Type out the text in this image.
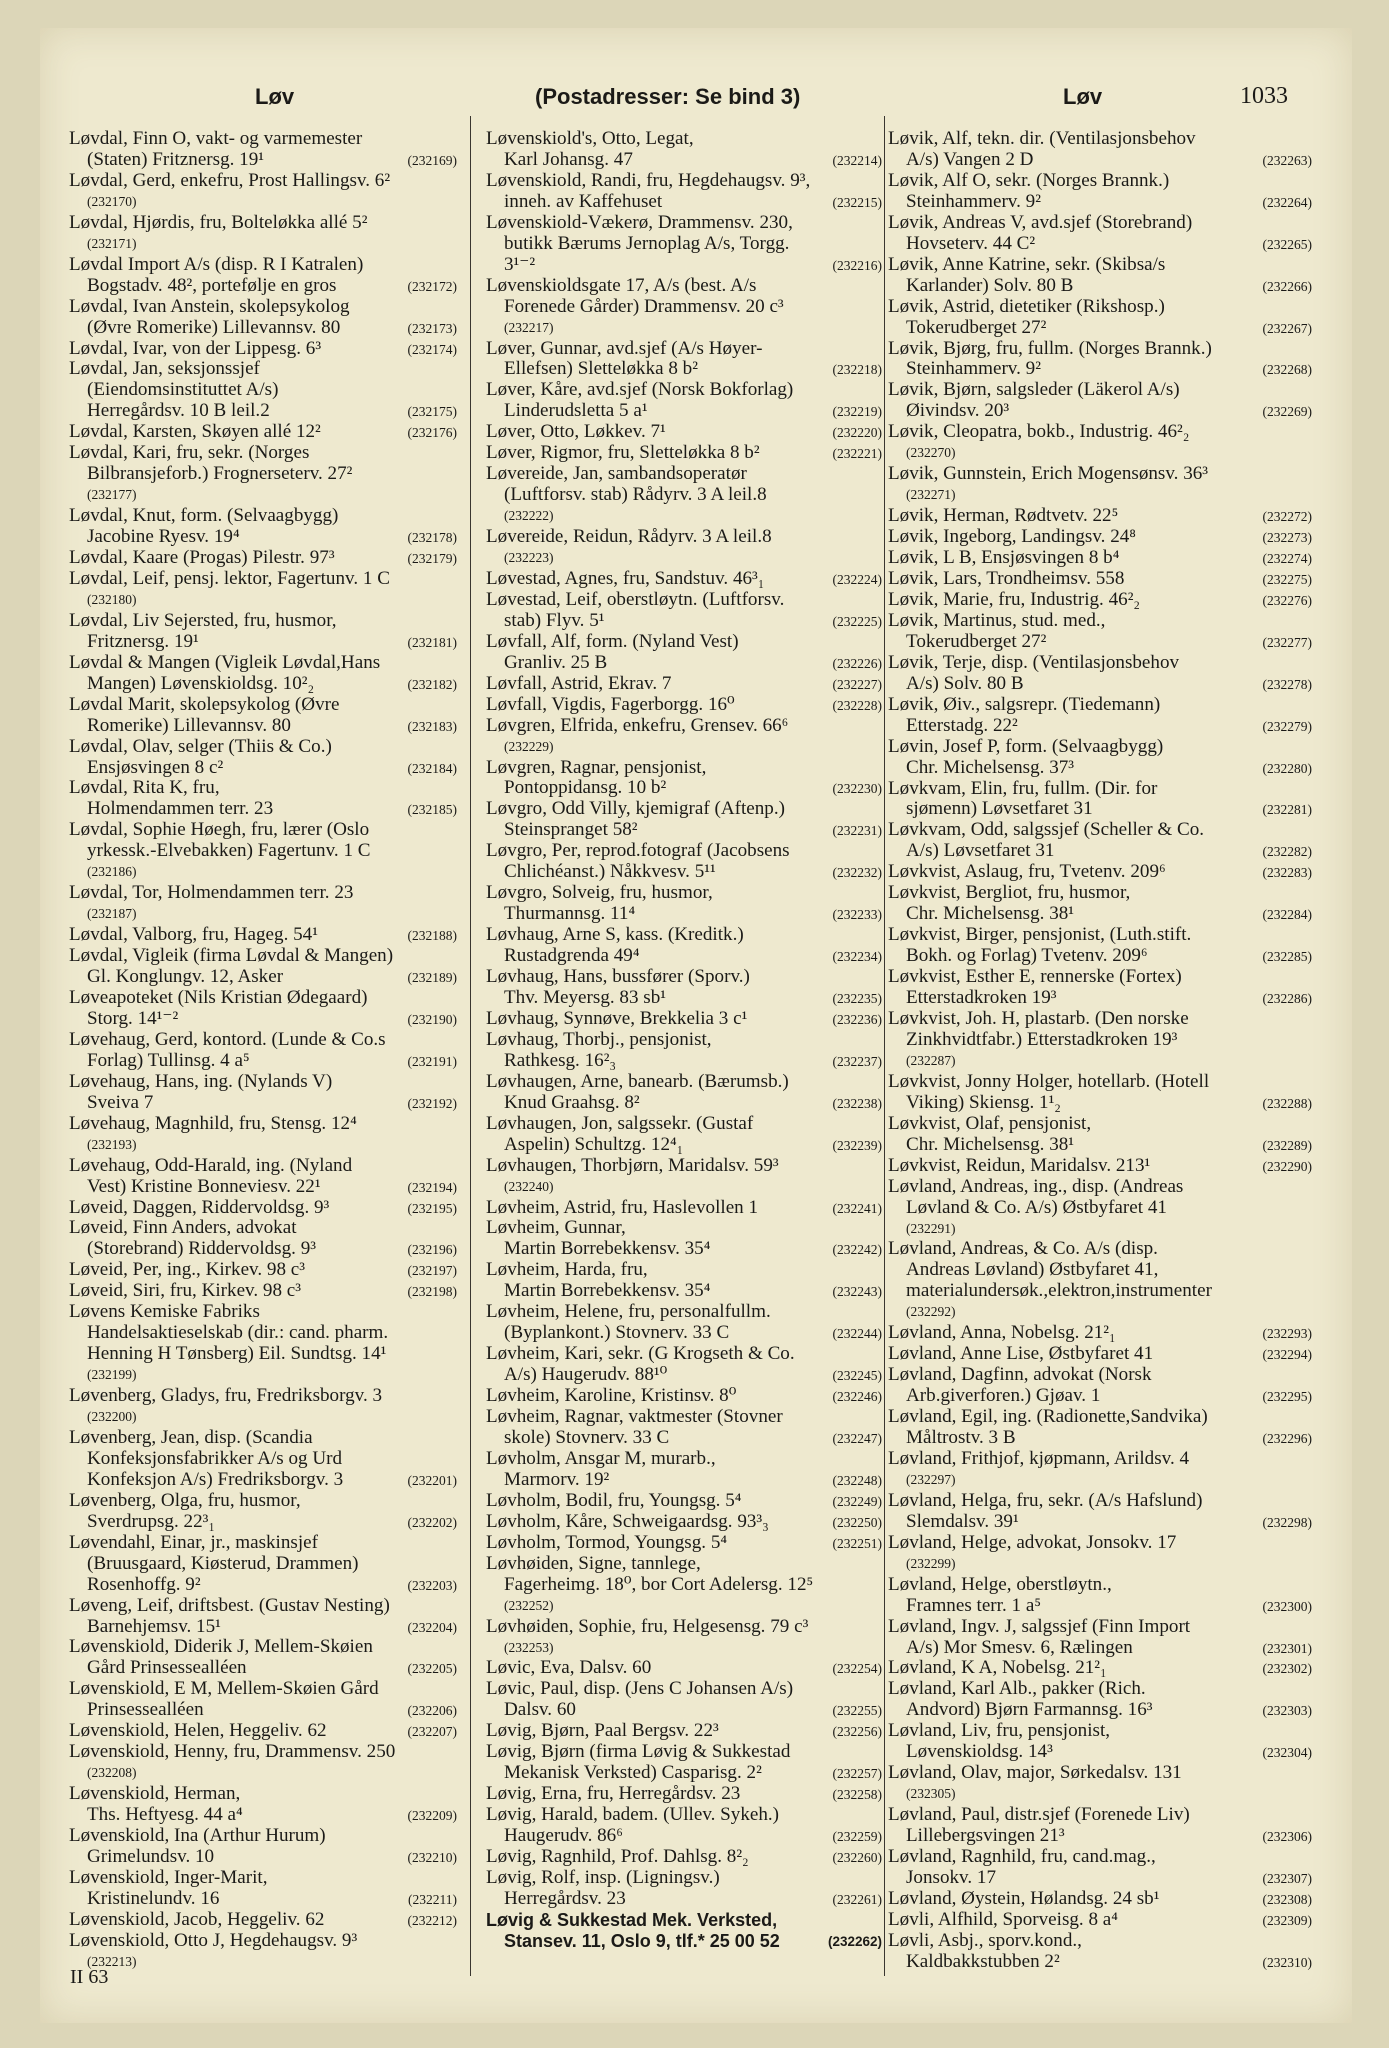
Løv	(Postadresser: Se bind 3)	Løv	1033
Løvdal, Finn O, vakt- og varmemester
(Staten) Fritznersg. 19¹	(232169)
Løvdal, Gerd, enkefru, Prost Hallingsv. 6²
(232170)
Løvdal, Hjørdis, fru, Bolteløkka allé 5²
(232171)
Løvdal Import A/s (disp. R I Katralen)
Bogstadv. 48², portefølje en gros	(232172)
Løvdal, Ivan Anstein, skolepsykolog
(Øvre Romerike) Lillevannsv. 80	(232173)
Løvdal, Ivar, von der Lippesg. 6³	(232174)
Løvdal, Jan, seksjonssjef
(Eiendomsinstituttet A/s)
Herregårdsv. 10 B leil.2	(232175)
Løvdal, Karsten, Skøyen allé 12²	(232176)
Løvdal, Kari, fru, sekr. (Norges
Bilbransjeforb.) Frognerseterv. 27²
(232177)
Løvdal, Knut, form. (Selvaagbygg)
Jacobine Ryesv. 19⁴	(232178)
Løvdal, Kaare (Progas) Pilestr. 97³	(232179)
Løvdal, Leif, pensj. lektor, Fagertunv. 1 C
(232180)
Løvdal, Liv Sejersted, fru, husmor,
Fritznersg. 19¹	(232181)
Løvdal & Mangen (Vigleik Løvdal,Hans
Mangen) Løvenskioldsg. 10²₂	(232182)
Løvdal Marit, skolepsykolog (Øvre
Romerike) Lillevannsv. 80	(232183)
Løvdal, Olav, selger (Thiis & Co.)
Ensjøsvingen 8 c²	(232184)
Løvdal, Rita K, fru,
Holmendammen terr. 23	(232185)
Løvdal, Sophie Høegh, fru, lærer (Oslo
yrkessk.-Elvebakken) Fagertunv. 1 C
(232186)
Løvdal, Tor, Holmendammen terr. 23
(232187)
Løvdal, Valborg, fru, Hageg. 54¹	(232188)
Løvdal, Vigleik (firma Løvdal & Mangen)
Gl. Konglungv. 12, Asker	(232189)
Løveapoteket (Nils Kristian Ødegaard)
Storg. 14¹⁻²	(232190)
Løvehaug, Gerd, kontord. (Lunde & Co.s
Forlag) Tullinsg. 4 a⁵	(232191)
Løvehaug, Hans, ing. (Nylands V)
Sveiva 7	(232192)
Løvehaug, Magnhild, fru, Stensg. 12⁴
(232193)
Løvehaug, Odd-Harald, ing. (Nyland
Vest) Kristine Bonneviesv. 22¹	(232194)
Løveid, Daggen, Riddervoldsg. 9³	(232195)
Løveid, Finn Anders, advokat
(Storebrand) Riddervoldsg. 9³	(232196)
Løveid, Per, ing., Kirkev. 98 c³	(232197)
Løveid, Siri, fru, Kirkev. 98 c³	(232198)
Løvens Kemiske Fabriks
Handelsaktieselskab (dir.: cand. pharm.
Henning H Tønsberg) Eil. Sundtsg. 14¹
(232199)
Løvenberg, Gladys, fru, Fredriksborgv. 3
(232200)
Løvenberg, Jean, disp. (Scandia
Konfeksjonsfabrikker A/s og Urd
Konfeksjon A/s) Fredriksborgv. 3	(232201)
Løvenberg, Olga, fru, husmor,
Sverdrupsg. 22³₁	(232202)
Løvendahl, Einar, jr., maskinsjef
(Bruusgaard, Kiøsterud, Drammen)
Rosenhoffg. 9²	(232203)
Løveng, Leif, driftsbest. (Gustav Nesting)
Barnehjemsv. 15¹	(232204)
Løvenskiold, Diderik J, Mellem-Skøien
Gård Prinsessealléen	(232205)
Løvenskiold, E M, Mellem-Skøien Gård
Prinsessealléen	(232206)
Løvenskiold, Helen, Heggeliv. 62	(232207)
Løvenskiold, Henny, fru, Drammensv. 250
(232208)
Løvenskiold, Herman,
Ths. Heftyesg. 44 a⁴	(232209)
Løvenskiold, Ina (Arthur Hurum)
Grimelundsv. 10	(232210)
Løvenskiold, Inger-Marit,
Kristinelundv. 16	(232211)
Løvenskiold, Jacob, Heggeliv. 62	(232212)
Løvenskiold, Otto J, Hegdehaugsv. 9³
(232213)
Løvenskiold's, Otto, Legat,
Karl Johansg. 47	(232214)
Løvenskiold, Randi, fru, Hegdehaugsv. 9³,
inneh. av Kaffehuset	(232215)
Løvenskiold-Vækerø, Drammensv. 230,
butikk Bærums Jernoplag A/s, Torgg.
3¹⁻²	(232216)
Løvenskioldsgate 17, A/s (best. A/s
Forenede Gårder) Drammensv. 20 c³
(232217)
Løver, Gunnar, avd.sjef (A/s Høyer-
Ellefsen) Sletteløkka 8 b²	(232218)
Løver, Kåre, avd.sjef (Norsk Bokforlag)
Linderudsletta 5 a¹	(232219)
Løver, Otto, Løkkev. 7¹	(232220)
Løver, Rigmor, fru, Sletteløkka 8 b²	(232221)
Løvereide, Jan, sambandsoperatør
(Luftforsv. stab) Rådyrv. 3 A leil.8
(232222)
Løvereide, Reidun, Rådyrv. 3 A leil.8
(232223)
Løvestad, Agnes, fru, Sandstuv. 46³₁	(232224)
Løvestad, Leif, oberstløytn. (Luftforsv.
stab) Flyv. 5¹	(232225)
Løvfall, Alf, form. (Nyland Vest)
Granliv. 25 B	(232226)
Løvfall, Astrid, Ekrav. 7	(232227)
Løvfall, Vigdis, Fagerborgg. 16⁰	(232228)
Løvgren, Elfrida, enkefru, Grensev. 66⁶
(232229)
Løvgren, Ragnar, pensjonist,
Pontoppidansg. 10 b²	(232230)
Løvgro, Odd Villy, kjemigraf (Aftenp.)
Steinspranget 58²	(232231)
Løvgro, Per, reprod.fotograf (Jacobsens
Chlichéanst.) Nåkkvesv. 5¹¹	(232232)
Løvgro, Solveig, fru, husmor,
Thurmannsg. 11⁴	(232233)
Løvhaug, Arne S, kass. (Kreditk.)
Rustadgrenda 49⁴	(232234)
Løvhaug, Hans, bussfører (Sporv.)
Thv. Meyersg. 83 sb¹	(232235)
Løvhaug, Synnøve, Brekkelia 3 c¹	(232236)
Løvhaug, Thorbj., pensjonist,
Rathkesg. 16²₃	(232237)
Løvhaugen, Arne, banearb. (Bærumsb.)
Knud Graahsg. 8²	(232238)
Løvhaugen, Jon, salgssekr. (Gustaf
Aspelin) Schultzg. 12⁴₁	(232239)
Løvhaugen, Thorbjørn, Maridalsv. 59³
(232240)
Løvheim, Astrid, fru, Haslevollen 1	(232241)
Løvheim, Gunnar,
Martin Borrebekkensv. 35⁴	(232242)
Løvheim, Harda, fru,
Martin Borrebekkensv. 35⁴	(232243)
Løvheim, Helene, fru, personalfullm.
(Byplankont.) Stovnerv. 33 C	(232244)
Løvheim, Kari, sekr. (G Krogseth & Co.
A/s) Haugerudv. 88¹⁰	(232245)
Løvheim, Karoline, Kristinsv. 8⁰	(232246)
Løvheim, Ragnar, vaktmester (Stovner
skole) Stovnerv. 33 C	(232247)
Løvholm, Ansgar M, murarb.,
Marmorv. 19²	(232248)
Løvholm, Bodil, fru, Youngsg. 5⁴	(232249)
Løvholm, Kåre, Schweigaardsg. 93³₃	(232250)
Løvholm, Tormod, Youngsg. 5⁴	(232251)
Løvhøiden, Signe, tannlege,
Fagerheimg. 18⁰, bor Cort Adelersg. 12⁵
(232252)
Løvhøiden, Sophie, fru, Helgesensg. 79 c³
(232253)
Løvic, Eva, Dalsv. 60	(232254)
Løvic, Paul, disp. (Jens C Johansen A/s)
Dalsv. 60	(232255)
Løvig, Bjørn, Paal Bergsv. 22³	(232256)
Løvig, Bjørn (firma Løvig & Sukkestad
Mekanisk Verksted) Casparisg. 2²	(232257)
Løvig, Erna, fru, Herregårdsv. 23	(232258)
Løvig, Harald, badem. (Ullev. Sykeh.)
Haugerudv. 86⁶	(232259)
Løvig, Ragnhild, Prof. Dahlsg. 8²₂	(232260)
Løvig, Rolf, insp. (Ligningsv.)
Herregårdsv. 23	(232261)
Løvig & Sukkestad Mek. Verksted,
Stansev. 11, Oslo 9, tlf.* 25 00 52	(232262)
Løvik, Alf, tekn. dir. (Ventilasjonsbehov
A/s) Vangen 2 D	(232263)
Løvik, Alf O, sekr. (Norges Brannk.)
Steinhammerv. 9²	(232264)
Løvik, Andreas V, avd.sjef (Storebrand)
Hovseterv. 44 C²	(232265)
Løvik, Anne Katrine, sekr. (Skibsa/s
Karlander) Solv. 80 B	(232266)
Løvik, Astrid, dietetiker (Rikshosp.)
Tokerudberget 27²	(232267)
Løvik, Bjørg, fru, fullm. (Norges Brannk.)
Steinhammerv. 9²	(232268)
Løvik, Bjørn, salgsleder (Läkerol A/s)
Øivindsv. 20³	(232269)
Løvik, Cleopatra, bokb., Industrig. 46²₂
(232270)
Løvik, Gunnstein, Erich Mogensønsv. 36³
(232271)
Løvik, Herman, Rødtvetv. 22⁵	(232272)
Løvik, Ingeborg, Landingsv. 24⁸	(232273)
Løvik, L B, Ensjøsvingen 8 b⁴	(232274)
Løvik, Lars, Trondheimsv. 558	(232275)
Løvik, Marie, fru, Industrig. 46²₂	(232276)
Løvik, Martinus, stud. med.,
Tokerudberget 27²	(232277)
Løvik, Terje, disp. (Ventilasjonsbehov
A/s) Solv. 80 B	(232278)
Løvik, Øiv., salgsrepr. (Tiedemann)
Etterstadg. 22²	(232279)
Løvin, Josef P, form. (Selvaagbygg)
Chr. Michelsensg. 37³	(232280)
Løvkvam, Elin, fru, fullm. (Dir. for
sjømenn) Løvsetfaret 31	(232281)
Løvkvam, Odd, salgssjef (Scheller & Co.
A/s) Løvsetfaret 31	(232282)
Løvkvist, Aslaug, fru, Tvetenv. 209⁶	(232283)
Løvkvist, Bergliot, fru, husmor,
Chr. Michelsensg. 38¹	(232284)
Løvkvist, Birger, pensjonist, (Luth.stift.
Bokh. og Forlag) Tvetenv. 209⁶	(232285)
Løvkvist, Esther E, rennerske (Fortex)
Etterstadkroken 19³	(232286)
Løvkvist, Joh. H, plastarb. (Den norske
Zinkhvidtfabr.) Etterstadkroken 19³
(232287)
Løvkvist, Jonny Holger, hotellarb. (Hotell
Viking) Skiensg. 1¹₂	(232288)
Løvkvist, Olaf, pensjonist,
Chr. Michelsensg. 38¹	(232289)
Løvkvist, Reidun, Maridalsv. 213¹	(232290)
Løvland, Andreas, ing., disp. (Andreas
Løvland & Co. A/s) Østbyfaret 41
(232291)
Løvland, Andreas, & Co. A/s (disp.
Andreas Løvland) Østbyfaret 41,
materialundersøk.,elektron,instrumenter
(232292)
Løvland, Anna, Nobelsg. 21²₁	(232293)
Løvland, Anne Lise, Østbyfaret 41	(232294)
Løvland, Dagfinn, advokat (Norsk
Arb.giverforen.) Gjøav. 1	(232295)
Løvland, Egil, ing. (Radionette,Sandvika)
Måltrostv. 3 B	(232296)
Løvland, Frithjof, kjøpmann, Arildsv. 4
(232297)
Løvland, Helga, fru, sekr. (A/s Hafslund)
Slemdalsv. 39¹	(232298)
Løvland, Helge, advokat, Jonsokv. 17
(232299)
Løvland, Helge, oberstløytn.,
Framnes terr. 1 a⁵	(232300)
Løvland, Ingv. J, salgssjef (Finn Import
A/s) Mor Smesv. 6, Rælingen	(232301)
Løvland, K A, Nobelsg. 21²₁	(232302)
Løvland, Karl Alb., pakker (Rich.
Andvord) Bjørn Farmannsg. 16³	(232303)
Løvland, Liv, fru, pensjonist,
Løvenskioldsg. 14³	(232304)
Løvland, Olav, major, Sørkedalsv. 131
(232305)
Løvland, Paul, distr.sjef (Forenede Liv)
Lillebergsvingen 21³	(232306)
Løvland, Ragnhild, fru, cand.mag.,
Jonsokv. 17	(232307)
Løvland, Øystein, Hølandsg. 24 sb¹	(232308)
Løvli, Alfhild, Sporveisg. 8 a⁴	(232309)
Løvli, Asbj., sporv.kond.,
Kaldbakkstubben 2²	(232310)
II 63
